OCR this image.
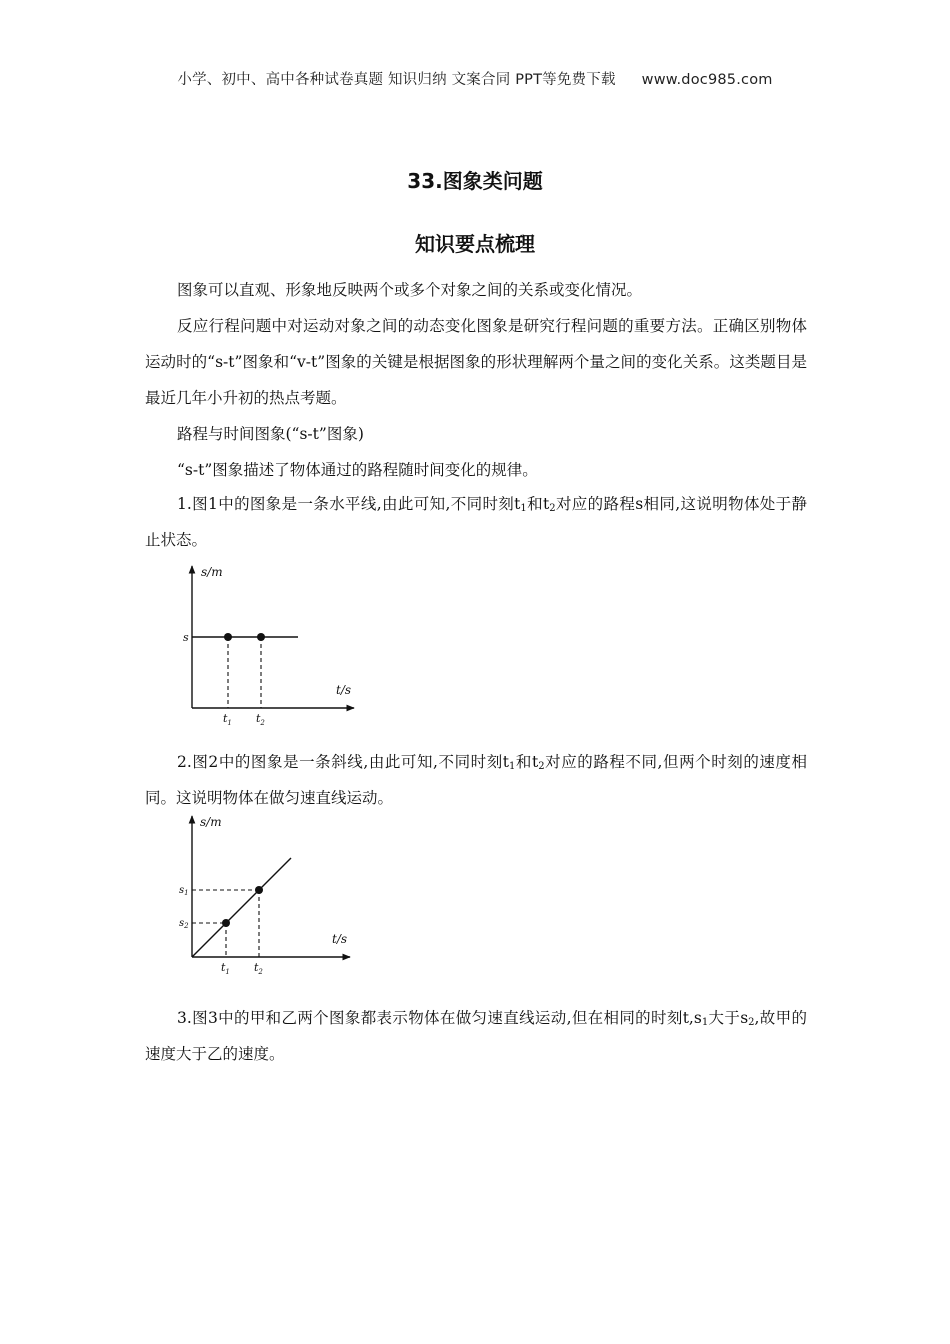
小学、初中、高中各种试卷真题 知识归纳 文案合同 PPT等免费下载 www.doc985.com
33.图象类问题
知识要点梳理

图象可以直观、形象地反映两个或多个对象之间的关系或变化情况。

反应行程问题中对运动对象之间的动态变化图象是研究行程问题的重要方法。正确区别物体运动时的“s-t”图象和“v-t”图象的关键是根据图象的形状理解两个量之间的变化关系。这类题目是最近几年小升初的热点考题。

路程与时间图象(“s-t”图象)

“s-t”图象描述了物体通过的路程随时间变化的规律。

1.图1中的图象是一条水平线,由此可知,不同时刻$t_1$和$t_2$对应的路程s相同,这说明物体处于静止状态。

s/m
t/s
s
$t_1$ $t_2$

2.图2中的图象是一条斜线,由此可知,不同时刻$t_1$和$t_2$对应的路程不同,但两个时刻的速度相同。这说明物体在做匀速直线运动。

s/m
t/s
$s_1$
$s_2$
$t_1$ $t_2$

3.图3中的甲和乙两个图象都表示物体在做匀速直线运动,但在相同的时刻$t,s_1$大于$s_2$,故甲的速度大于乙的速度。
